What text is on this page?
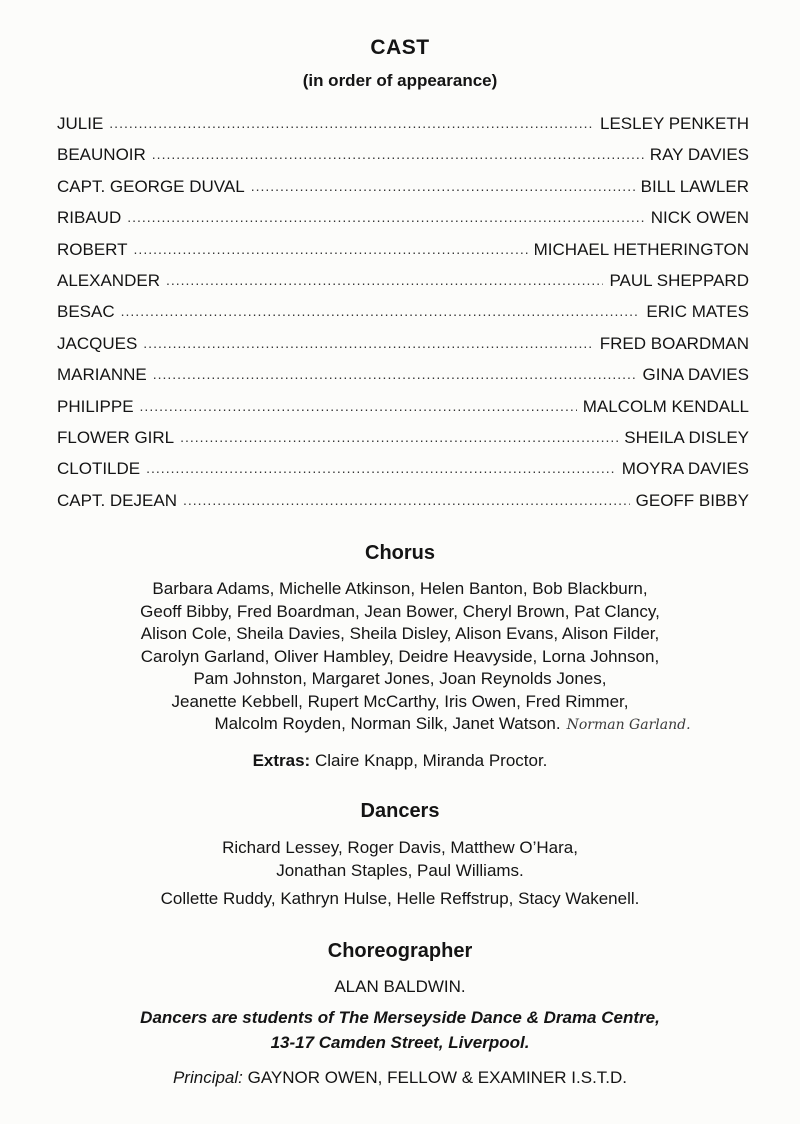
CAST
(in order of appearance)
JULIE .....	LESLEY PENKETH
BEAUNOIR .....	RAY DAVIES
CAPT. GEORGE DUVAL .....	BILL LAWLER
RIBAUD .....	NICK OWEN
ROBERT .....	MICHAEL HETHERINGTON
ALEXANDER .....	PAUL SHEPPARD
BESAC .....	ERIC MATES
JACQUES .....	FRED BOARDMAN
MARIANNE .....	GINA DAVIES
PHILIPPE .....	MALCOLM KENDALL
FLOWER GIRL .....	SHEILA DISLEY
CLOTILDE .....	MOYRA DAVIES
CAPT. DEJEAN .....	GEOFF BIBBY
Chorus
Barbara Adams, Michelle Atkinson, Helen Banton, Bob Blackburn,
Geoff Bibby, Fred Boardman, Jean Bower, Cheryl Brown, Pat Clancy,
Alison Cole, Sheila Davies, Sheila Disley, Alison Evans, Alison Filder,
Carolyn Garland, Oliver Hambley, Deidre Heavyside, Lorna Johnson,
Pam Johnston, Margaret Jones, Joan Reynolds Jones,
Jeanette Kebbell, Rupert McCarthy, Iris Owen, Fred Rimmer,
Malcolm Royden, Norman Silk, Janet Watson. Norman Garland.
Extras: Claire Knapp, Miranda Proctor.
Dancers
Richard Lessey, Roger Davis, Matthew O’Hara,
Jonathan Staples, Paul Williams.
Collette Ruddy, Kathryn Hulse, Helle Reffstrup, Stacy Wakenell.
Choreographer
ALAN BALDWIN.
Dancers are students of The Merseyside Dance & Drama Centre,
13-17 Camden Street, Liverpool.
Principal: GAYNOR OWEN, FELLOW & EXAMINER I.S.T.D.
